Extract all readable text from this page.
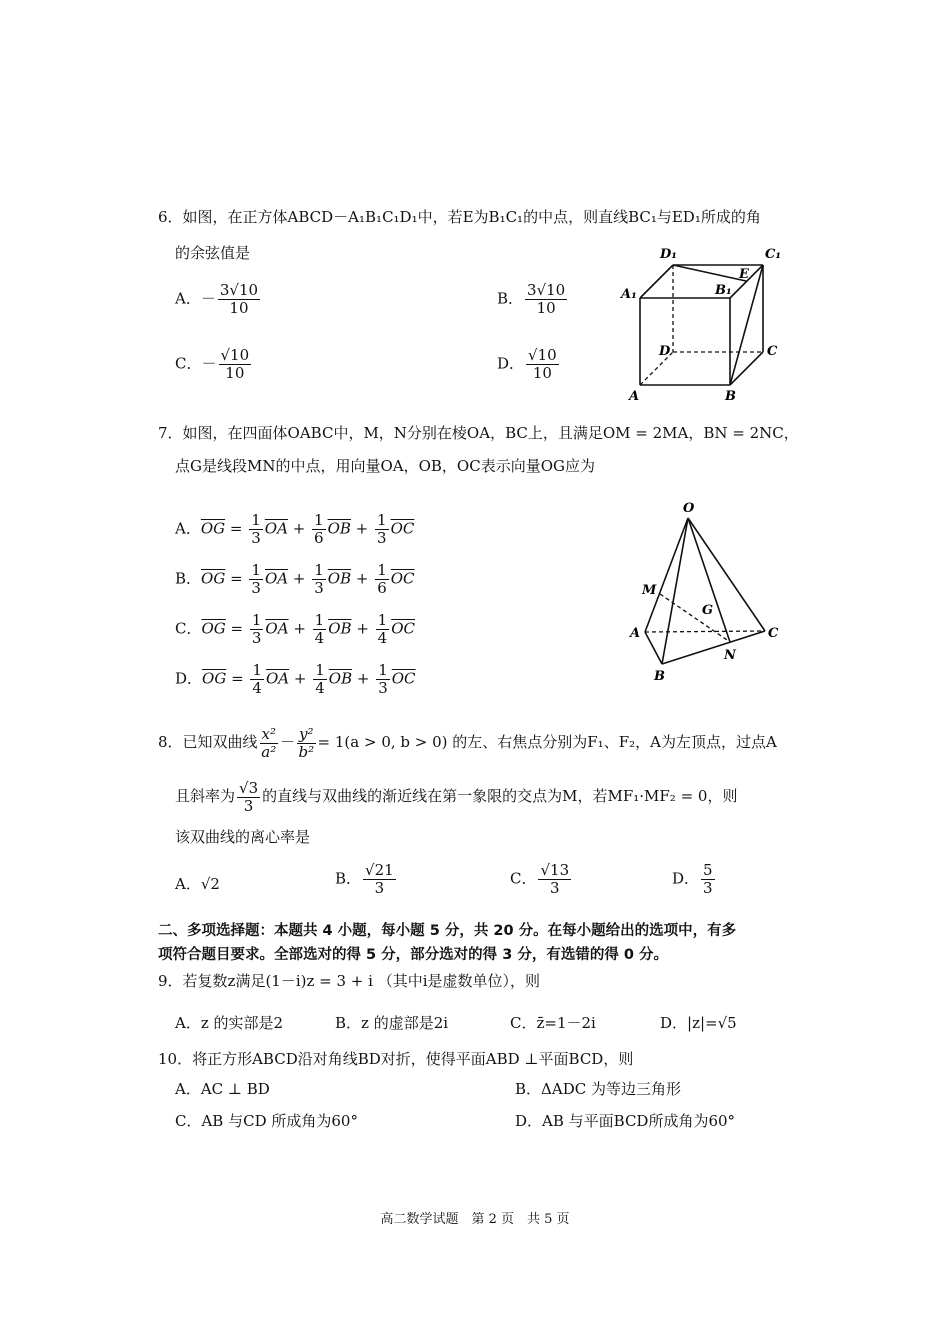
6．如图，在正方体ABCD－A₁B₁C₁D₁中，若E为B₁C₁的中点，则直线BC₁与ED₁所成的角
的余弦值是
A．－ $\frac{3√10}{10}$	B． $\frac{3√10}{10}$
C．－ $\frac{√10}{10}$	D． $\frac{√10}{10}$
D₁	C₁
A₁	B₁
E
D	C
A	B
7．如图，在四面体OABC中，M，N分别在棱OA，BC上，且满足OM = 2MA，BN = 2NC，
点G是线段MN的中点，用向量OA，OB，OC表示向量OG应为
A．$\overline{OG} = \frac{1}{3} \overline{OA} + \frac{1}{6} \overline{OB} + \frac{1}{3} \overline{OC}$
B．$\overline{OG} = \frac{1}{3} \overline{OA} + \frac{1}{3} \overline{OB} + \frac{1}{6} \overline{OC}$
C．$\overline{OG} = \frac{1}{3} \overline{OA} + \frac{1}{4} \overline{OB} + \frac{1}{4} \overline{OC}$
D．$\overline{OG} = \frac{1}{4} \overline{OA} + \frac{1}{4} \overline{OB} + \frac{1}{3} \overline{OC}$
O
M
G
A	C
N
B
8．已知双曲线 $\frac{\text{x²}}{\text{a²}} - \frac{\text{y²}}{\text{b²}} = 1(a > 0$, b > 0) 的左、右焦点分别为F₁、F₂，A为左顶点，过点A
且斜率为 $\frac{√3}{3}$ 的直线与双曲线的渐近线在第一象限的交点为M，若MF₁·MF₂ = 0，则
该双曲线的离心率是
A．√2	B． $\frac{√21}{3}$	C． $\frac{√13}{3}$	D． $\frac{5}{3}$
二、多项选择题：本题共 4 小题，每小题 5 分，共 20 分。在每小题给出的选项中，有多
项符合题目要求。全部选对的得 5 分，部分选对的得 3 分，有选错的得 0 分。
9．若复数z满足(1－i)z = 3 + i （其中i是虚数单位），则
A．z 的实部是2	B．z 的虚部是2i	C．z̄=1－2i	D．|z|=√5
10．将正方形ABCD沿对角线BD对折，使得平面ABD ⊥平面BCD，则
A．AC ⊥ BD	B．ΔADC 为等边三角形
C．AB 与CD 所成角为60°	D．AB 与平面BCD所成角为60°
高二数学试题　第 2 页　共 5 页
